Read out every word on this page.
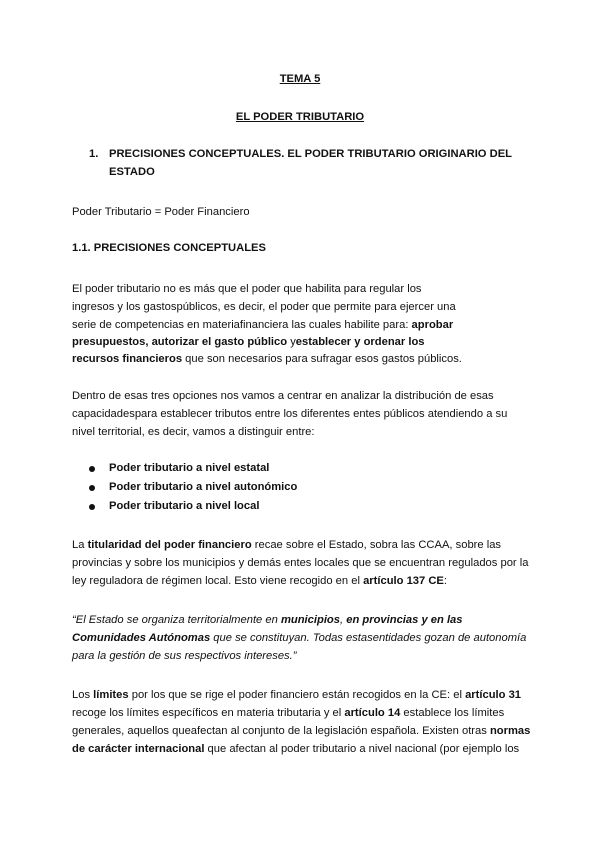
TEMA 5
EL PODER TRIBUTARIO
1. PRECISIONES CONCEPTUALES. EL PODER TRIBUTARIO ORIGINARIO DEL
ESTADO
Poder Tributario = Poder Financiero
1.1. PRECISIONES CONCEPTUALES
El poder tributario no es más que el poder que habilita para regular los
ingresos y los gastospúblicos, es decir, el poder que permite para ejercer una
serie de competencias en materiafinanciera las cuales habilite para: aprobar
presupuestos, autorizar el gasto público yestablecer y ordenar los
recursos financieros que son necesarios para sufragar esos gastos públicos.
Dentro de esas tres opciones nos vamos a centrar en analizar la distribución de esas
capacidadespara establecer tributos entre los diferentes entes públicos atendiendo a su
nivel territorial, es decir, vamos a distinguir entre:
Poder tributario a nivel estatal
Poder tributario a nivel autonómico
Poder tributario a nivel local
La titularidad del poder financiero recae sobre el Estado, sobra las CCAA, sobre las
provincias y sobre los municipios y demás entes locales que se encuentran regulados por la
ley reguladora de régimen local. Esto viene recogido en el artículo 137 CE:
“El Estado se organiza territorialmente en municipios, en provincias y en las
Comunidades Autónomas que se constituyan. Todas estasentidades gozan de autonomía
para la gestión de sus respectivos intereses.”
Los límites por los que se rige el poder financiero están recogidos en la CE: el artículo 31
recoge los límites específicos en materia tributaria y el artículo 14 establece los límites
generales, aquellos queafectan al conjunto de la legislación española. Existen otras normas
de carácter internacional que afectan al poder tributario a nivel nacional (por ejemplo los
